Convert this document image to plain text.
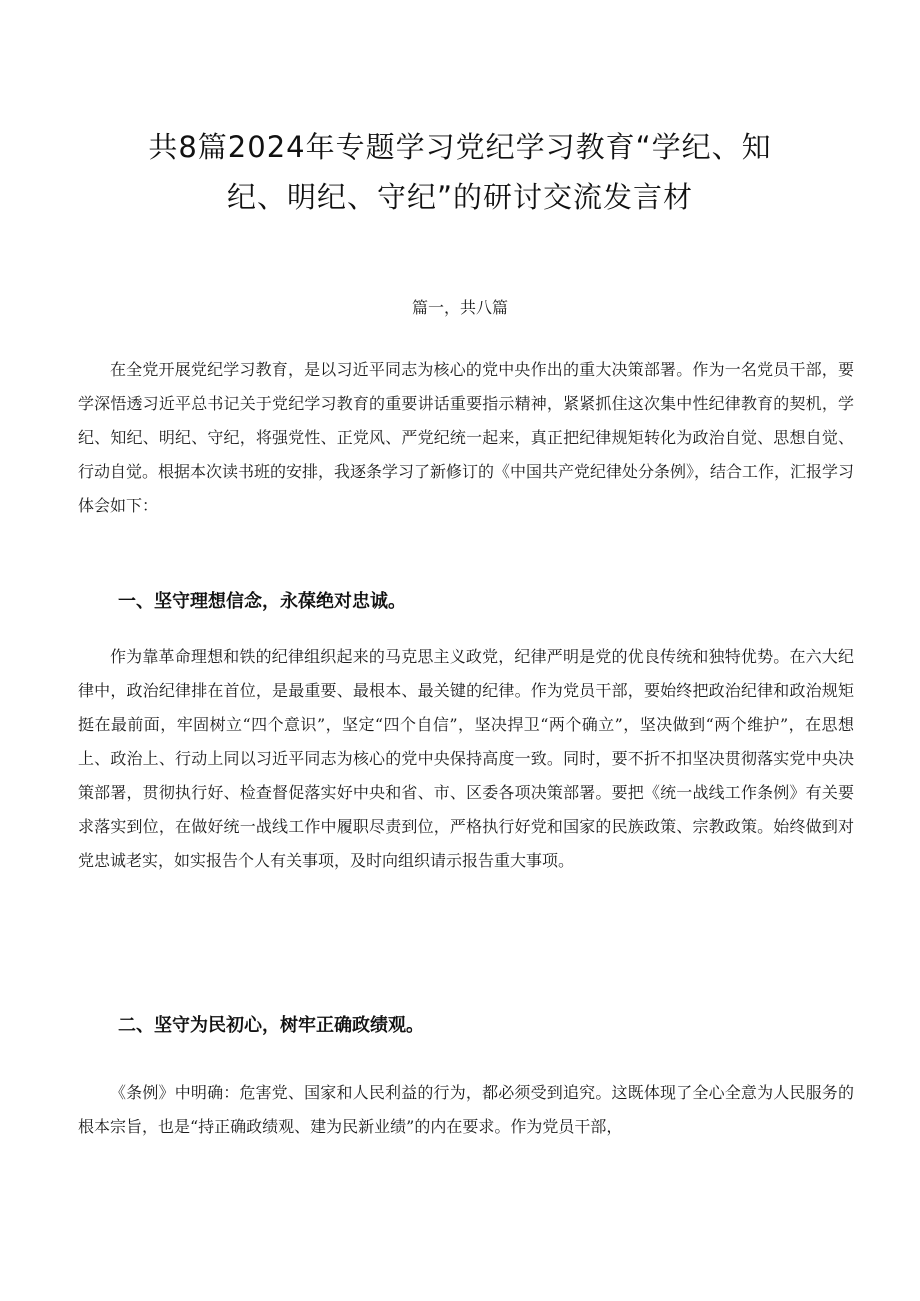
共8篇2024年专题学习党纪学习教育“学纪、知
纪、明纪、守纪”的研讨交流发言材
篇一，共八篇

在全党开展党纪学习教育，是以习近平同志为核心的党中央作出的重大决策部署。作为一名党员干部，要学深悟透习近平总书记关于党纪学习教育的重要讲话重要指示精神，紧紧抓住这次集中性纪律教育的契机，学纪、知纪、明纪、守纪，将强党性、正党风、严党纪统一起来，真正把纪律规矩转化为政治自觉、思想自觉、行动自觉。根据本次读书班的安排，我逐条学习了新修订的《中国共产党纪律处分条例》，结合工作，汇报学习体会如下：

一、坚守理想信念，永葆绝对忠诚。

作为靠革命理想和铁的纪律组织起来的马克思主义政党，纪律严明是党的优良传统和独特优势。在六大纪律中，政治纪律排在首位，是最重要、最根本、最关键的纪律。作为党员干部，要始终把政治纪律和政治规矩挺在最前面，牢固树立“四个意识”，坚定“四个自信”，坚决捍卫“两个确立”，坚决做到“两个维护”，在思想上、政治上、行动上同以习近平同志为核心的党中央保持高度一致。同时，要不折不扣坚决贯彻落实党中央决策部署，贯彻执行好、检查督促落实好中央和省、市、区委各项决策部署。要把《统一战线工作条例》有关要求落实到位，在做好统一战线工作中履职尽责到位，严格执行好党和国家的民族政策、宗教政策。始终做到对党忠诚老实，如实报告个人有关事项，及时向组织请示报告重大事项。

二、坚守为民初心，树牢正确政绩观。

《条例》中明确：危害党、国家和人民利益的行为，都必须受到追究。这既体现了全心全意为人民服务的根本宗旨，也是“持正确政绩观、建为民新业绩”的内在要求。作为党员干部，
